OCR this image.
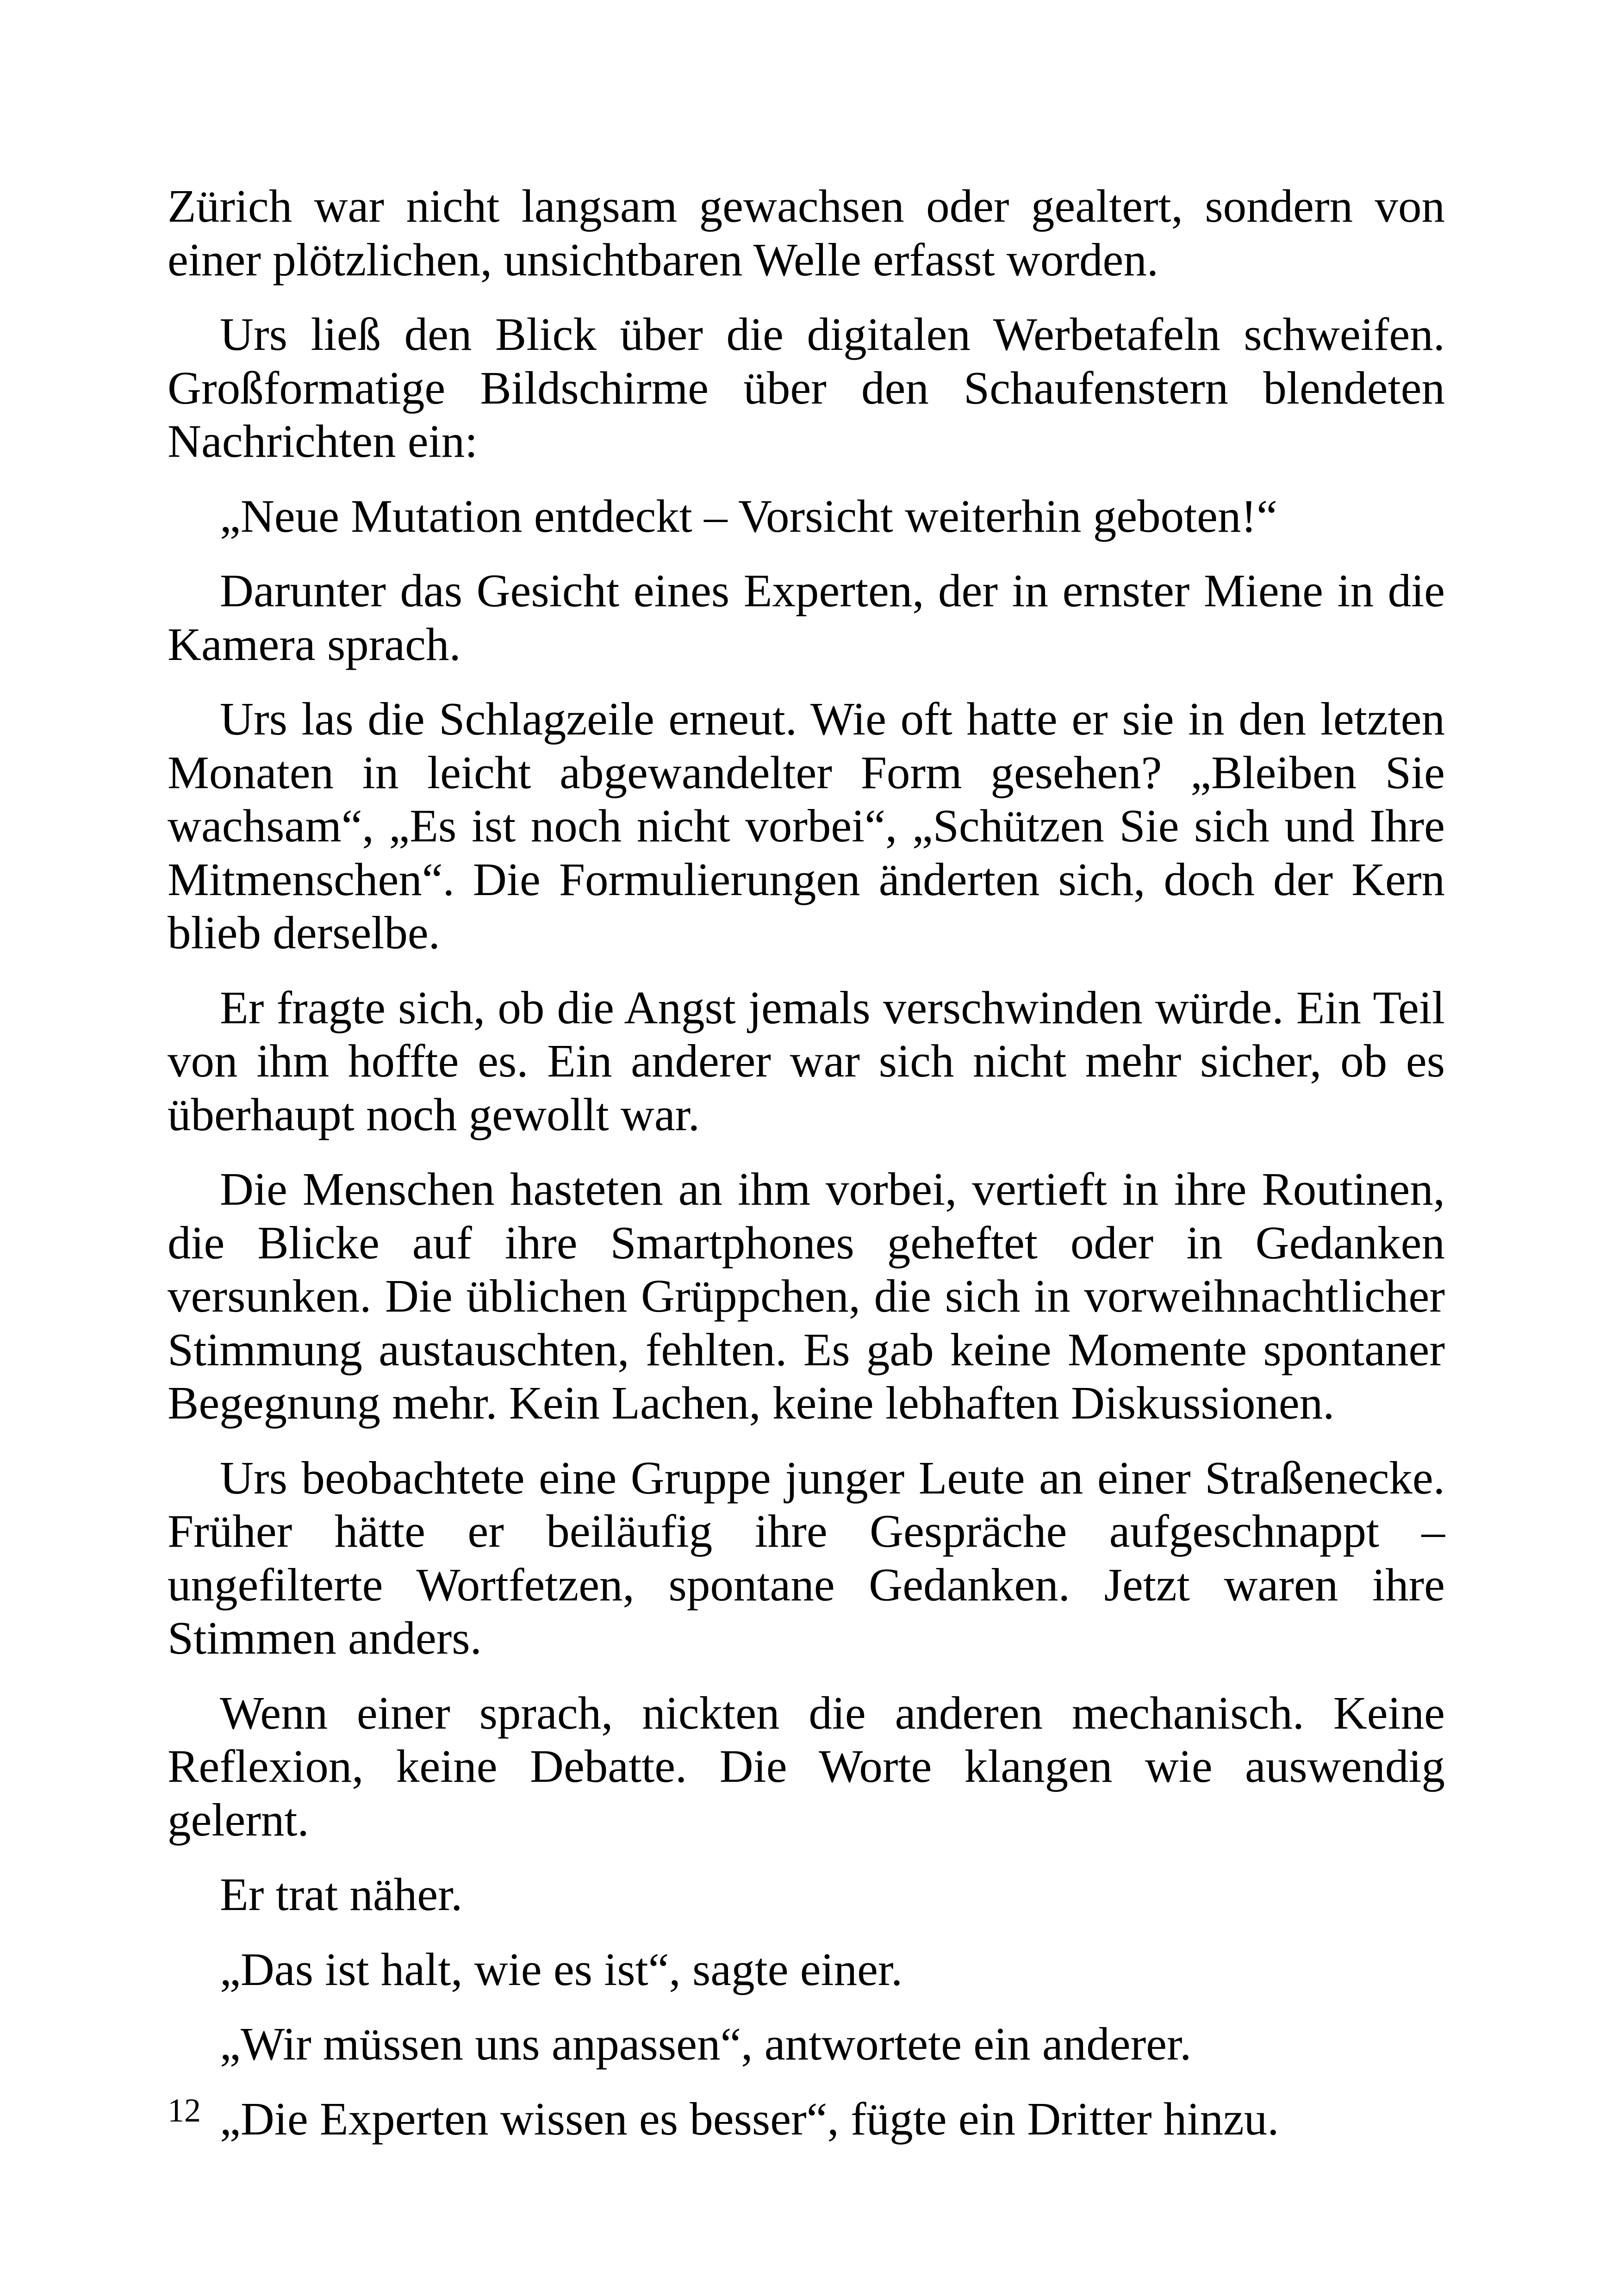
Zürich war nicht langsam gewachsen oder gealtert, sondern von einer plötzlichen, unsichtbaren Welle erfasst worden.

Urs ließ den Blick über die digitalen Werbetafeln schweifen. Großformatige Bildschirme über den Schaufenstern blendeten Nachrichten ein:

„Neue Mutation entdeckt – Vorsicht weiterhin geboten!“

Darunter das Gesicht eines Experten, der in ernster Miene in die Kamera sprach.

Urs las die Schlagzeile erneut. Wie oft hatte er sie in den letzten Monaten in leicht abgewandelter Form gesehen? „Bleiben Sie wachsam“, „Es ist noch nicht vorbei“, „Schützen Sie sich und Ihre Mitmenschen“. Die Formulierungen änderten sich, doch der Kern blieb derselbe.

Er fragte sich, ob die Angst jemals verschwinden würde. Ein Teil von ihm hoffte es. Ein anderer war sich nicht mehr sicher, ob es überhaupt noch gewollt war.

Die Menschen hasteten an ihm vorbei, vertieft in ihre Routinen, die Blicke auf ihre Smartphones geheftet oder in Gedanken versunken. Die üblichen Grüppchen, die sich in vorweihnachtlicher Stimmung austauschten, fehlten. Es gab keine Momente spontaner Begegnung mehr. Kein Lachen, keine lebhaften Diskussionen.

Urs beobachtete eine Gruppe junger Leute an einer Straßenecke. Früher hätte er beiläufig ihre Gespräche aufgeschnappt – ungefilterte Wortfetzen, spontane Gedanken. Jetzt waren ihre Stimmen anders.

Wenn einer sprach, nickten die anderen mechanisch. Keine Reflexion, keine Debatte. Die Worte klangen wie auswendig gelernt.

Er trat näher.

„Das ist halt, wie es ist“, sagte einer.

„Wir müssen uns anpassen“, antwortete ein anderer.

„Die Experten wissen es besser“, fügte ein Dritter hinzu.

12
